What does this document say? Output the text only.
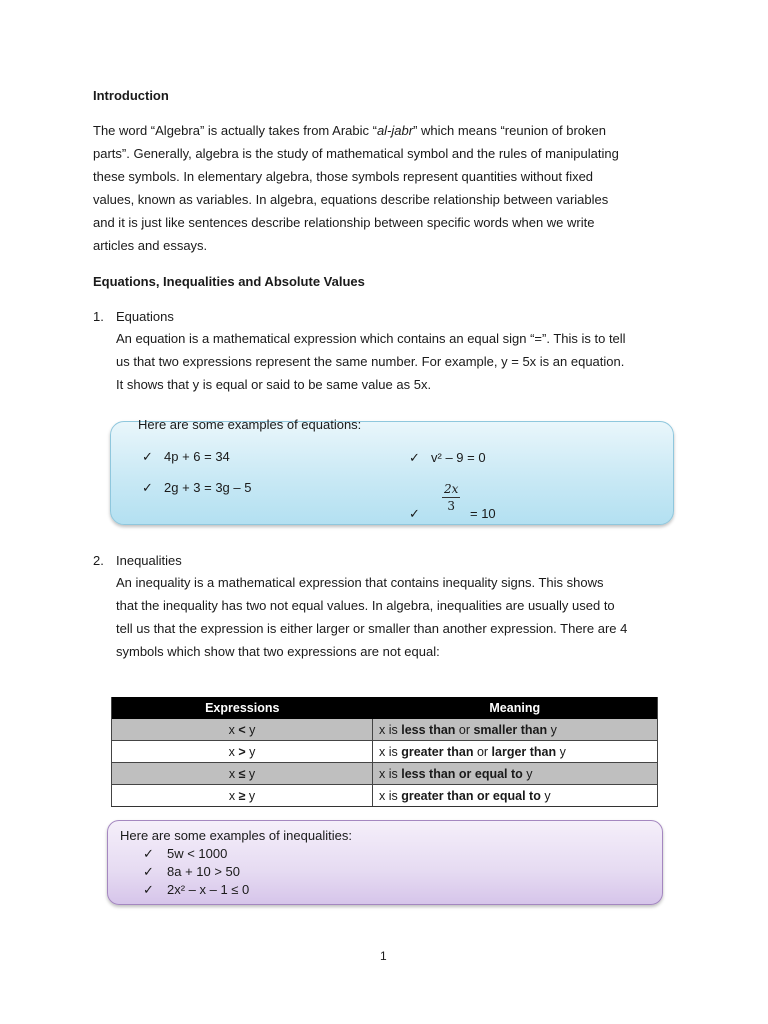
Introduction
The word “Algebra” is actually takes from Arabic “al-jabr” which means “reunion of broken
parts”. Generally, algebra is the study of mathematical symbol and the rules of manipulating
these symbols. In elementary algebra, those symbols represent quantities without fixed
values, known as variables. In algebra, equations describe relationship between variables
and it is just like sentences describe relationship between specific words when we write
articles and essays.
Equations, Inequalities and Absolute Values
1. Equations
An equation is a mathematical expression which contains an equal sign “=”. This is to tell
us that two expressions represent the same number. For example, y = 5x is an equation.
It shows that y is equal or said to be same value as 5x.
Here are some examples of equations:
✓ 4p + 6 = 34
✓ 2g + 3 = 3g – 5
✓ v² – 9 = 0
$\frac{2x}{3}$
✓	= 10
2. Inequalities
An inequality is a mathematical expression that contains inequality signs. This shows
that the inequality has two not equal values. In algebra, inequalities are usually used to
tell us that the expression is either larger or smaller than another expression. There are 4
symbols which show that two expressions are not equal:
Expressions	Meaning
x < y	x is less than or smaller than y
x > y	x is greater than or larger than y
x ≤ y	x is less than or equal to y
x ≥ y	x is greater than or equal to y
Here are some examples of inequalities:
✓ 5w < 1000
✓ 8a + 10 > 50
✓ 2x² – x – 1 ≤ 0
1
